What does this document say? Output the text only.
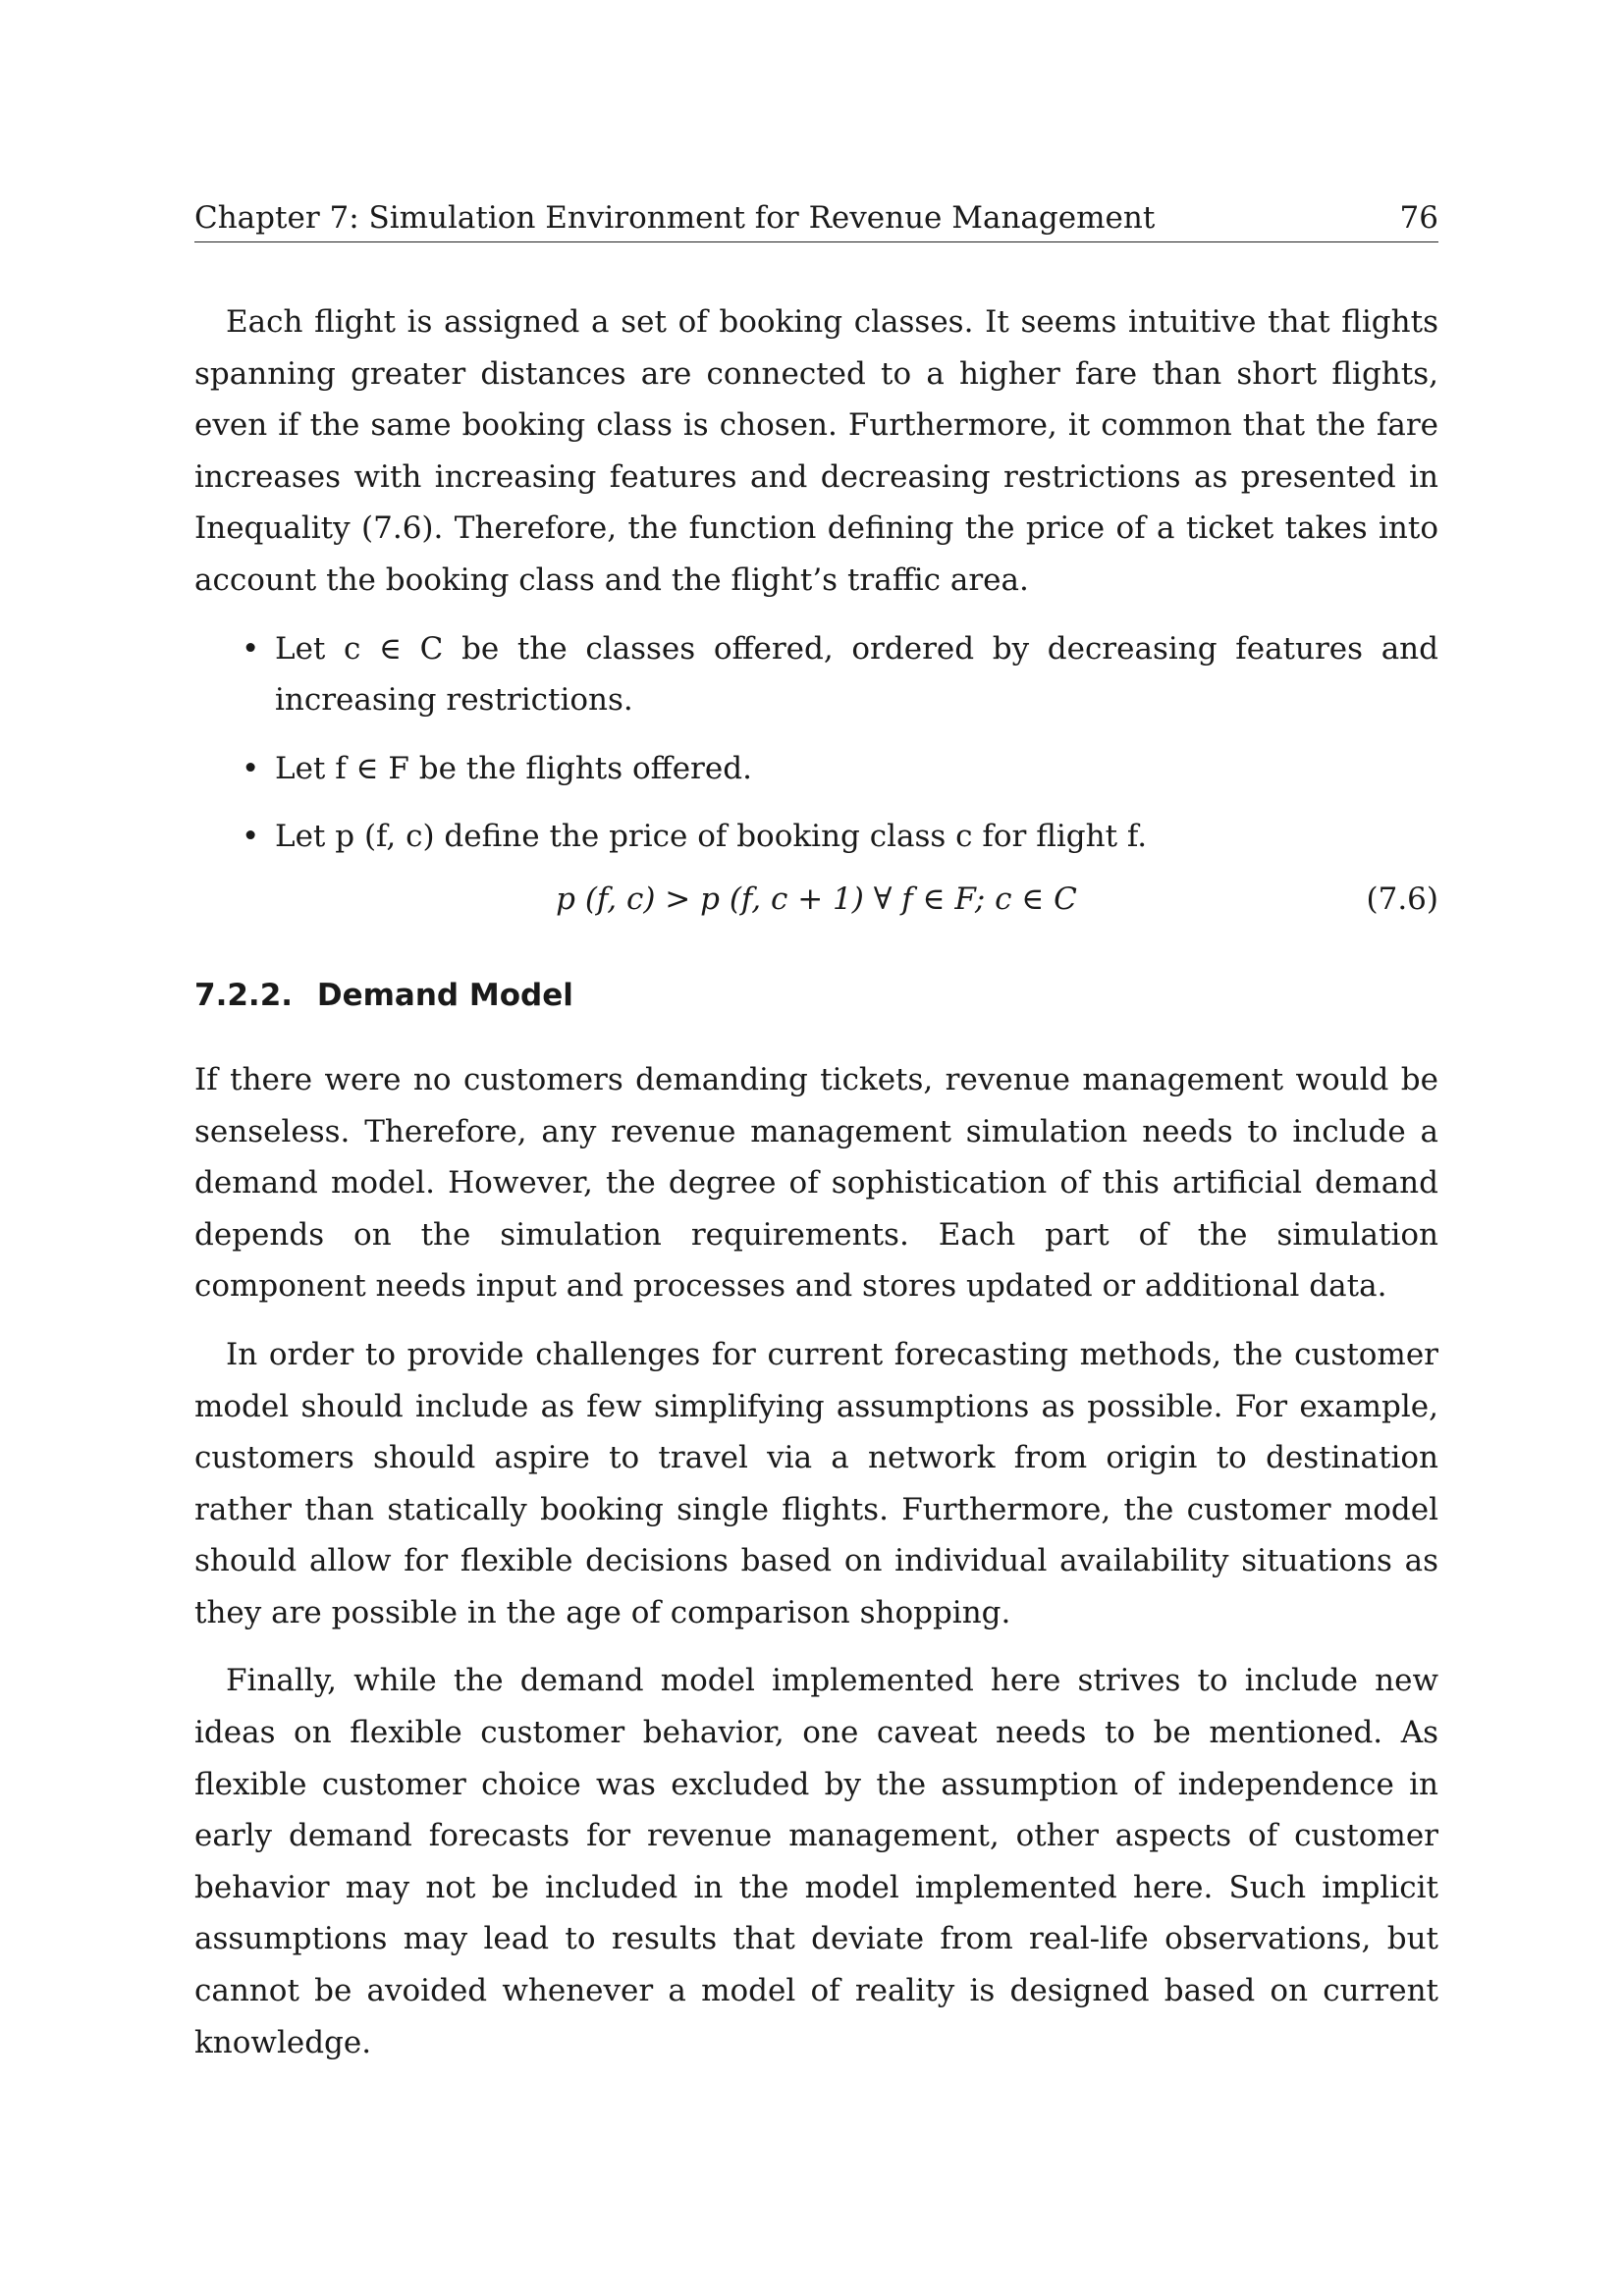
Chapter 7: Simulation Environment for Revenue Management	76

Each flight is assigned a set of booking classes. It seems intuitive that flights spanning greater distances are connected to a higher fare than short flights, even if the same booking class is chosen. Furthermore, it common that the fare increases with increasing features and decreasing restrictions as presented in Inequality (7.6). Therefore, the function defining the price of a ticket takes into account the booking class and the flight’s traffic area.

• Let c ∈ C be the classes offered, ordered by decreasing features and increasing restrictions.
• Let f ∈ F be the flights offered.
• Let p (f, c) define the price of booking class c for flight f.
p (f, c) > p (f, c + 1) ∀ f ∈ F; c ∈ C	(7.6)
7.2.2. Demand Model

If there were no customers demanding tickets, revenue management would be senseless. Therefore, any revenue management simulation needs to include a demand model. However, the degree of sophistication of this artificial demand depends on the simulation requirements. Each part of the simulation component needs input and processes and stores updated or additional data.

In order to provide challenges for current forecasting methods, the customer model should include as few simplifying assumptions as possible. For example, customers should aspire to travel via a network from origin to destination rather than statically booking single flights. Furthermore, the customer model should allow for flexible decisions based on individual availability situations as they are possible in the age of comparison shopping.

Finally, while the demand model implemented here strives to include new ideas on flexible customer behavior, one caveat needs to be mentioned. As flexible customer choice was excluded by the assumption of independence in early demand forecasts for revenue management, other aspects of customer behavior may not be included in the model implemented here. Such implicit assumptions may lead to results that deviate from real-life observations, but cannot be avoided whenever a model of reality is designed based on current knowledge.
